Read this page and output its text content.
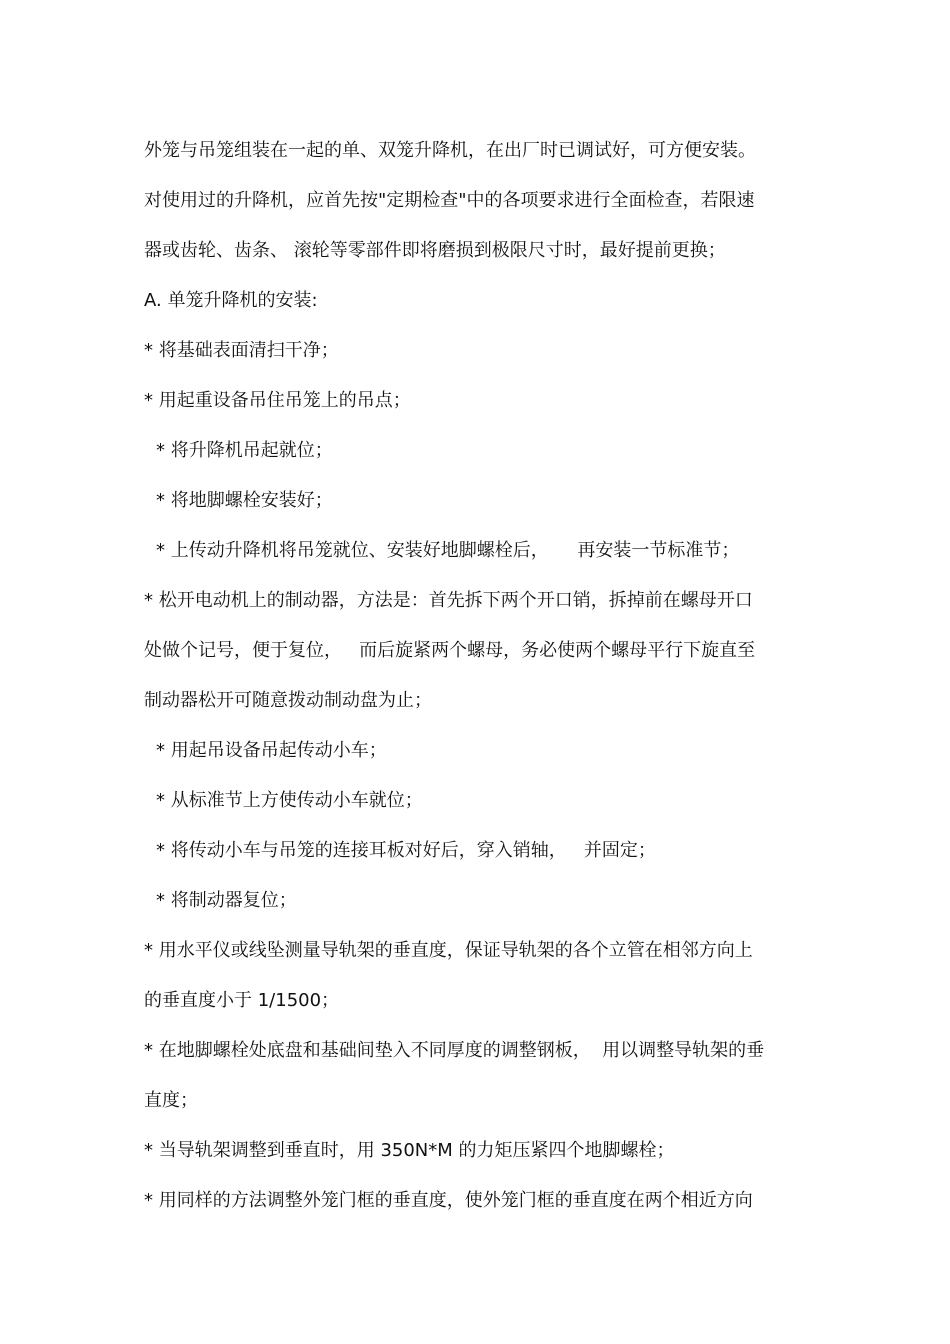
外笼与吊笼组装在一起的单、双笼升降机，在出厂时已调试好，可方便安装。
对使用过的升降机，应首先按"定期检查"中的各项要求进行全面检查，若限速
器或齿轮、齿条、 滚轮等零部件即将磨损到极限尺寸时，最好提前更换；
A. 单笼升降机的安装:
* 将基础表面清扫干净；
* 用起重设备吊住吊笼上的吊点；
* 将升降机吊起就位；
* 将地脚螺栓安装好；
* 上传动升降机将吊笼就位、安装好地脚螺栓后，     再安装一节标准节；
* 松开电动机上的制动器，方法是：首先拆下两个开口销，拆掉前在螺母开口
处做个记号，便于复位，   而后旋紧两个螺母，务必使两个螺母平行下旋直至
制动器松开可随意拨动制动盘为止；
* 用起吊设备吊起传动小车；
* 从标准节上方使传动小车就位；
* 将传动小车与吊笼的连接耳板对好后，穿入销轴，   并固定；
* 将制动器复位；
* 用水平仪或线坠测量导轨架的垂直度，保证导轨架的各个立管在相邻方向上
的垂直度小于 1/1500；
* 在地脚螺栓处底盘和基础间垫入不同厚度的调整钢板，  用以调整导轨架的垂
直度；
* 当导轨架调整到垂直时，用 350N*M 的力矩压紧四个地脚螺栓；
* 用同样的方法调整外笼门框的垂直度，使外笼门框的垂直度在两个相近方向
